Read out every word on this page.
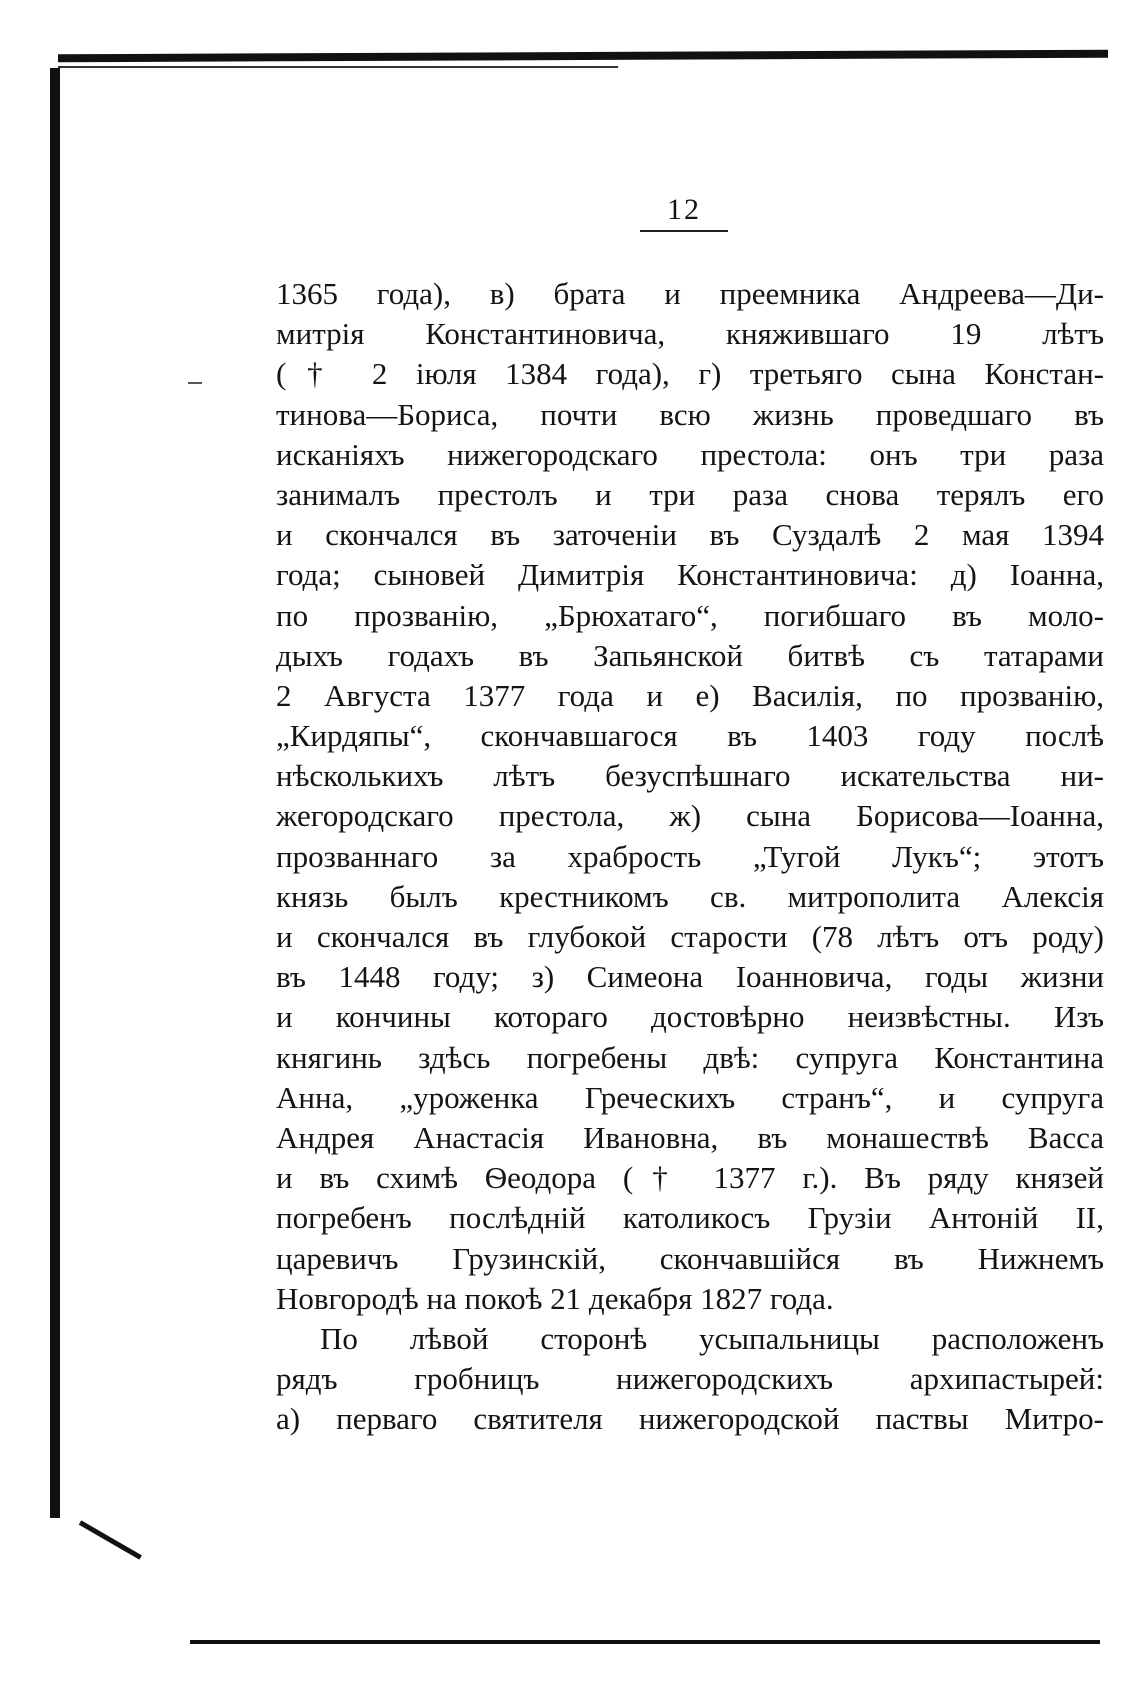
12
1365 года), в) брата и преемника Андреева—Ди-
митрія Константиновича, княжившаго 19 лѣтъ
(† 2 іюля 1384 года), г) третьяго сына Констан-
тинова—Бориса, почти всю жизнь проведшаго въ
исканіяхъ нижегородскаго престола: онъ три раза
занималъ престолъ и три раза снова терялъ его
и скончался въ заточеніи въ Суздалѣ 2 мая 1394
года; сыновей Димитрія Константиновича: д) Іоанна,
по прозванію, „Брюхатаго“, погибшаго въ моло-
дыхъ годахъ въ Запьянской битвѣ съ татарами
2 Августа 1377 года и е) Василія, по прозванію,
„Кирдяпы“, скончавшагося въ 1403 году послѣ
нѣсколькихъ лѣтъ безуспѣшнаго искательства ни-
жегородскаго престола, ж) сына Борисова—Іоанна,
прозваннаго за храбрость „Тугой Лукъ“; этотъ
князь былъ крестникомъ св. митрополита Алексія
и скончался въ глубокой старости (78 лѣтъ отъ роду)
въ 1448 году; з) Симеона Іоанновича, годы жизни
и кончины котораго достовѣрно неизвѣстны. Изъ
княгинь здѣсь погребены двѣ: супруга Константина
Анна, „уроженка Греческихъ странъ“, и супруга
Андрея Анастасія Ивановна, въ монашествѣ Васса
и въ схимѣ Ѳеодора († 1377 г.). Въ ряду князей
погребенъ послѣдній католикосъ Грузіи Антоній II,
царевичъ Грузинскій, скончавшійся въ Нижнемъ
Новгородѣ на покоѣ 21 декабря 1827 года.
По лѣвой сторонѣ усыпальницы расположенъ
рядъ гробницъ нижегородскихъ архипастырей:
а) перваго святителя нижегородской паствы Митро-
